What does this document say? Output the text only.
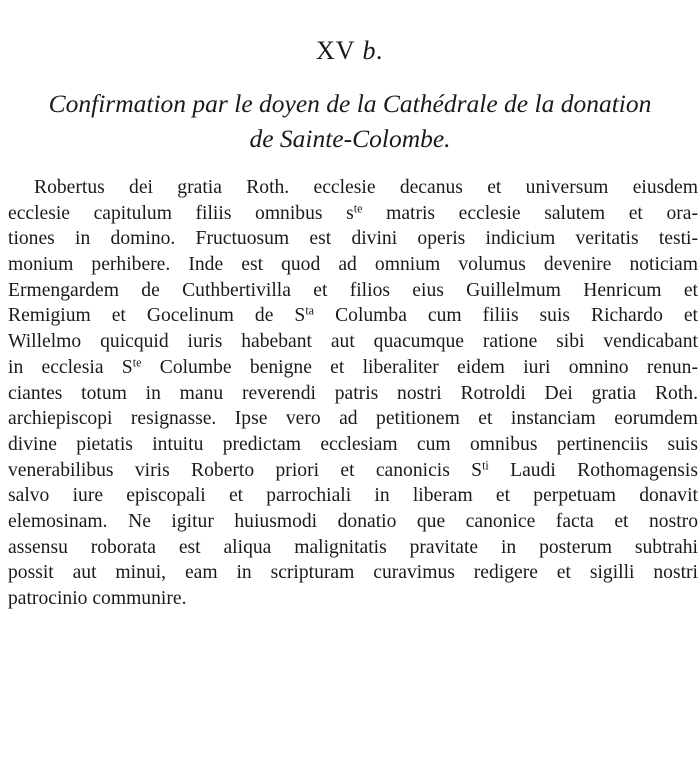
XV b.
Confirmation par le doyen de la Cathédrale de la donation
de Sainte-Colombe.
Robertus dei gratia Roth. ecclesie decanus et universum eiusdem
ecclesie capitulum filiis omnibus $s^{te}$ matris ecclesie salutem et ora-
tiones in domino. Fructuosum est divini operis indicium veritatis testi-
monium perhibere. Inde est quod ad omnium volumus devenire noticiam
Ermengardem de Cuthbertivilla et filios eius Guillelmum Henricum et
Remigium et Gocelinum de $S^{ta}$ Columba cum filiis suis Richardo et
Willelmo quicquid iuris habebant aut quacumque ratione sibi vendicabant
in ecclesia $S^{te}$ Columbe benigne et liberaliter eidem iuri omnino renun-
ciantes totum in manu reverendi patris nostri Rotroldi Dei gratia Roth.
archiepiscopi resignasse. Ipse vero ad petitionem et instanciam eorumdem
divine pietatis intuitu predictam ecclesiam cum omnibus pertinenciis suis
venerabilibus viris Roberto priori et canonicis $S^{ti}$ Laudi Rothomagensis
salvo iure episcopali et parrochiali in liberam et perpetuam donavit
elemosinam. Ne igitur huiusmodi donatio que canonice facta et nostro
assensu roborata est aliqua malignitatis pravitate in posterum subtrahi
possit aut minui, eam in scripturam curavimus redigere et sigilli nostri
patrocinio communire.
